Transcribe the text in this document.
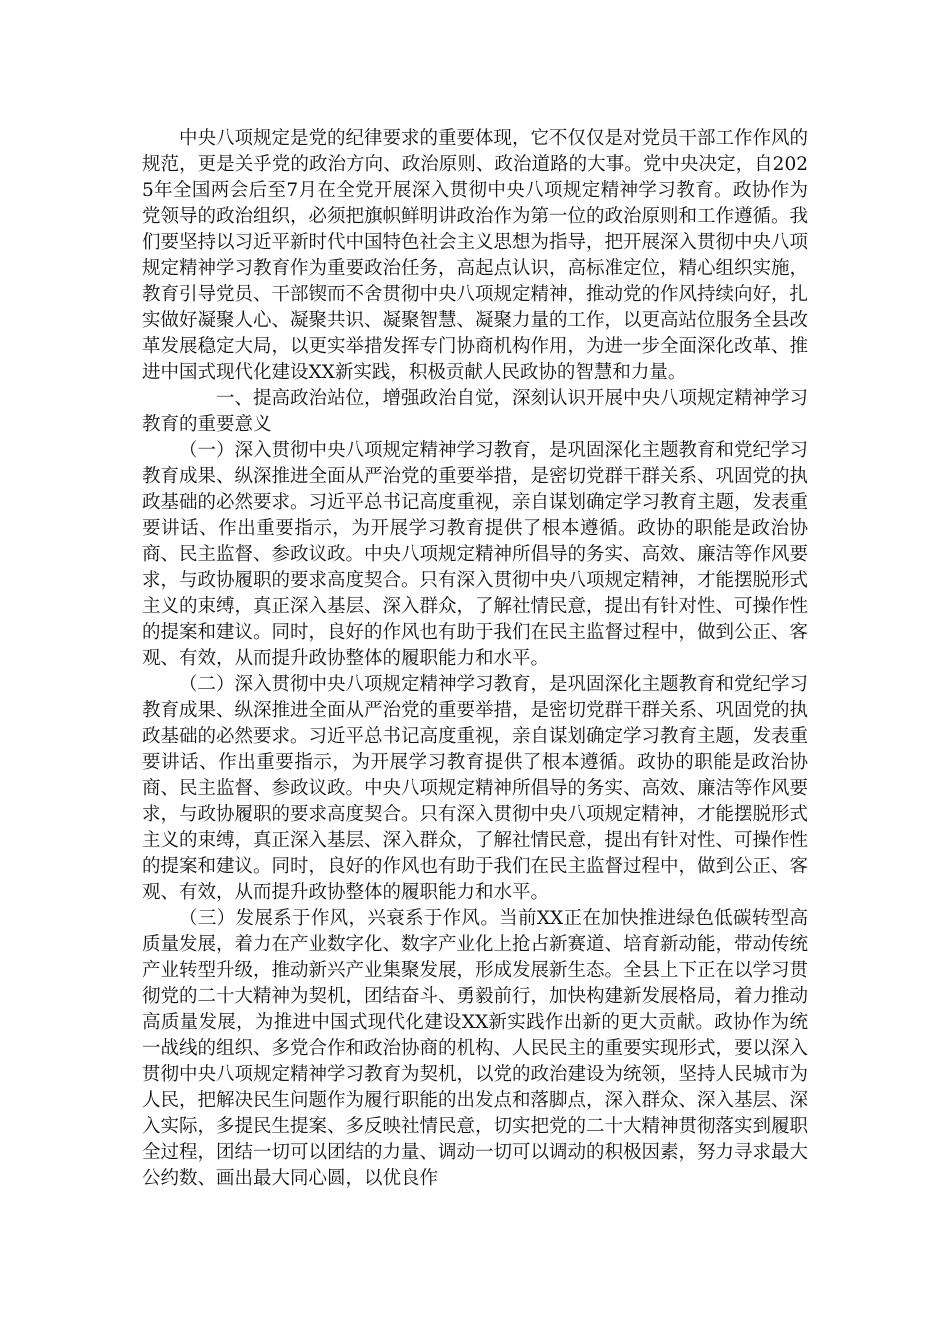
中央八项规定是党的纪律要求的重要体现，它不仅仅是对党员干部工作作风的规范，更是关乎党的政治方向、政治原则、政治道路的大事。党中央决定，自2025年全国两会后至7月在全党开展深入贯彻中央八项规定精神学习教育。政协作为党领导的政治组织，必须把旗帜鲜明讲政治作为第一位的政治原则和工作遵循。我们要坚持以习近平新时代中国特色社会主义思想为指导，把开展深入贯彻中央八项规定精神学习教育作为重要政治任务，高起点认识，高标准定位，精心组织实施，教育引导党员、干部锲而不舍贯彻中央八项规定精神，推动党的作风持续向好，扎实做好凝聚人心、凝聚共识、凝聚智慧、凝聚力量的工作，以更高站位服务全县改革发展稳定大局，以更实举措发挥专门协商机构作用，为进一步全面深化改革、推进中国式现代化建设XX新实践，积极贡献人民政协的智慧和力量。

一、提高政治站位，增强政治自觉，深刻认识开展中央八项规定精神学习教育的重要意义

（一）深入贯彻中央八项规定精神学习教育，是巩固深化主题教育和党纪学习教育成果、纵深推进全面从严治党的重要举措，是密切党群干群关系、巩固党的执政基础的必然要求。习近平总书记高度重视，亲自谋划确定学习教育主题，发表重要讲话、作出重要指示，为开展学习教育提供了根本遵循。政协的职能是政治协商、民主监督、参政议政。中央八项规定精神所倡导的务实、高效、廉洁等作风要求，与政协履职的要求高度契合。只有深入贯彻中央八项规定精神，才能摆脱形式主义的束缚，真正深入基层、深入群众，了解社情民意，提出有针对性、可操作性的提案和建议。同时，良好的作风也有助于我们在民主监督过程中，做到公正、客观、有效，从而提升政协整体的履职能力和水平。

（二）深入贯彻中央八项规定精神学习教育，是巩固深化主题教育和党纪学习教育成果、纵深推进全面从严治党的重要举措，是密切党群干群关系、巩固党的执政基础的必然要求。习近平总书记高度重视，亲自谋划确定学习教育主题，发表重要讲话、作出重要指示，为开展学习教育提供了根本遵循。政协的职能是政治协商、民主监督、参政议政。中央八项规定精神所倡导的务实、高效、廉洁等作风要求，与政协履职的要求高度契合。只有深入贯彻中央八项规定精神，才能摆脱形式主义的束缚，真正深入基层、深入群众，了解社情民意，提出有针对性、可操作性的提案和建议。同时，良好的作风也有助于我们在民主监督过程中，做到公正、客观、有效，从而提升政协整体的履职能力和水平。

（三）发展系于作风，兴衰系于作风。当前XX正在加快推进绿色低碳转型高质量发展，着力在产业数字化、数字产业化上抢占新赛道、培育新动能，带动传统产业转型升级，推动新兴产业集聚发展，形成发展新生态。全县上下正在以学习贯彻党的二十大精神为契机，团结奋斗、勇毅前行，加快构建新发展格局，着力推动高质量发展，为推进中国式现代化建设XX新实践作出新的更大贡献。政协作为统一战线的组织、多党合作和政治协商的机构、人民民主的重要实现形式，要以深入贯彻中央八项规定精神学习教育为契机，以党的政治建设为统领，坚持人民城市为人民，把解决民生问题作为履行职能的出发点和落脚点，深入群众、深入基层、深入实际，多提民生提案、多反映社情民意，切实把党的二十大精神贯彻落实到履职全过程，团结一切可以团结的力量、调动一切可以调动的积极因素，努力寻求最大公约数、画出最大同心圆，以优良作
